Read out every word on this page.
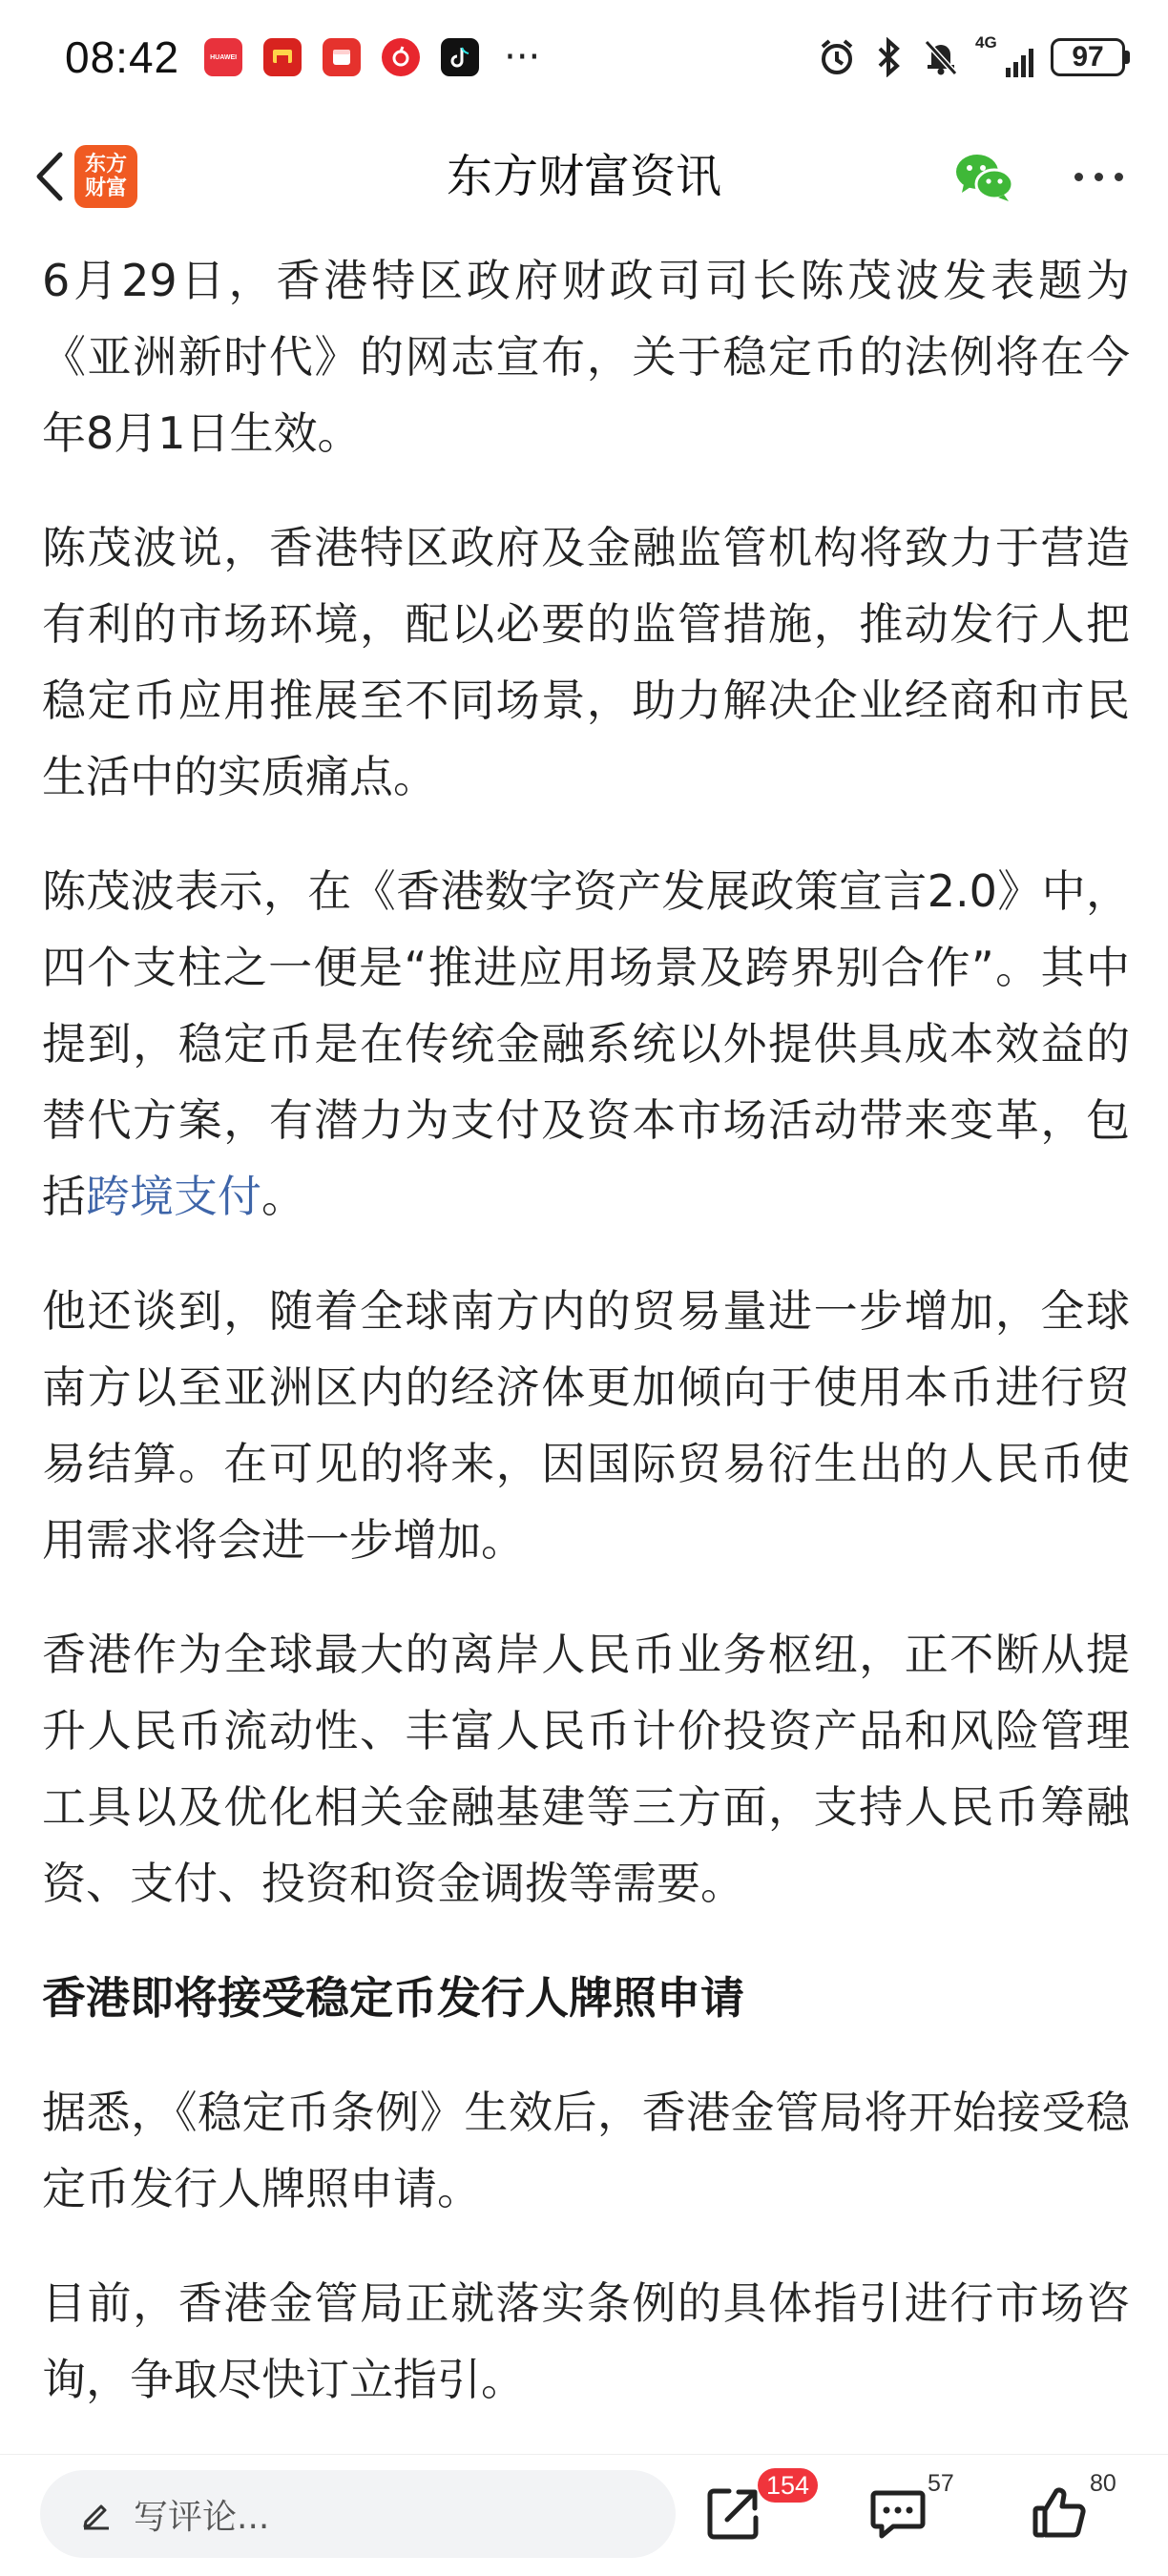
08:42	HUAWEI	···	4G	97
东方财富资讯
东方
财富

6月29日，香港特区政府财政司司长陈茂波发表题为《亚洲新时代》的网志宣布，关于稳定币的法例将在今年8月1日生效。

陈茂波说，香港特区政府及金融监管机构将致力于营造有利的市场环境，配以必要的监管措施，推动发行人把稳定币应用推展至不同场景，助力解决企业经商和市民生活中的实质痛点。

陈茂波表示，在《香港数字资产发展政策宣言2.0》中，四个支柱之一便是“推进应用场景及跨界别合作”。其中提到，稳定币是在传统金融系统以外提供具成本效益的替代方案，有潜力为支付及资本市场活动带来变革，包括跨境支付。

他还谈到，随着全球南方内的贸易量进一步增加，全球南方以至亚洲区内的经济体更加倾向于使用本币进行贸易结算。在可见的将来，因国际贸易衍生出的人民币使用需求将会进一步增加。

香港作为全球最大的离岸人民币业务枢纽，正不断从提升人民币流动性、丰富人民币计价投资产品和风险管理工具以及优化相关金融基建等三方面，支持人民币筹融资、支付、投资和资金调拨等需要。

香港即将接受稳定币发行人牌照申请

据悉，《稳定币条例》生效后，香港金管局将开始接受稳定币发行人牌照申请。

目前，香港金管局正就落实条例的具体指引进行市场咨询，争取尽快订立指引。

写评论...
154	57	80
